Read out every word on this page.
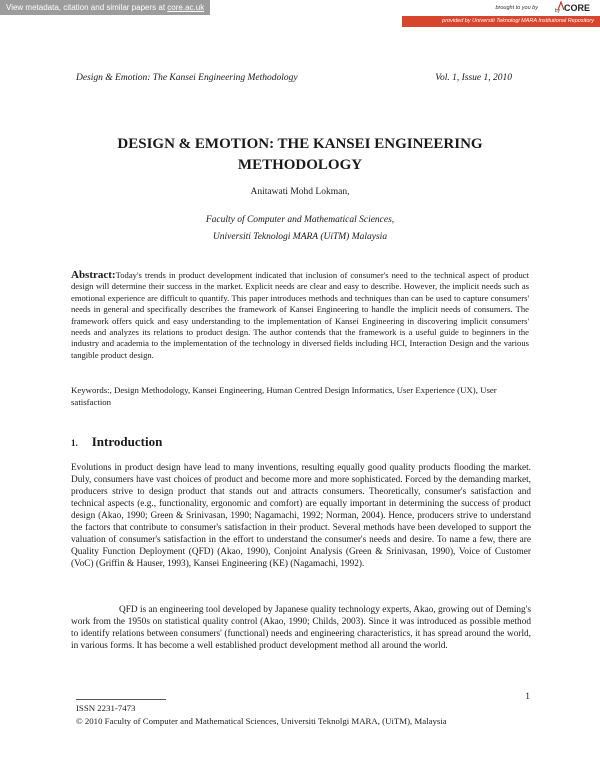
View metadata, citation and similar papers at core.ac.uk	brought to you by	by CORE
provided by Universiti Teknologi MARA Institutional Repository
Design & Emotion: The Kansei Engineering Methodology	Vol. 1, Issue 1, 2010
DESIGN & EMOTION: THE KANSEI ENGINEERING METHODOLOGY
Anitawati Mohd Lokman,
Faculty of Computer and Mathematical Sciences,
Universiti Teknologi MARA (UiTM) Malaysia
Abstract:Today's trends in product development indicated that inclusion of consumer's need to the technical aspect of product design will determine their success in the market. Explicit needs are clear and easy to describe. However, the implicit needs such as emotional experience are difficult to quantify. This paper introduces methods and techniques than can be used to capture consumers' needs in general and specifically describes the framework of Kansei Engineering to handle the implicit needs of consumers. The framework offers quick and easy understanding to the implementation of Kansei Engineering in discovering implicit consumers' needs and analyzes its relations to product design. The author contends that the framework is a useful guide to beginners in the industry and academia to the implementation of the technology in diversed fields including HCI, Interaction Design and the various tangible product design.
Keywords:, Design Methodology, Kansei Engineering, Human Centred Design Informatics, User Experience (UX), User satisfaction
1. Introduction
Evolutions in product design have lead to many inventions, resulting equally good quality products flooding the market. Duly, consumers have vast choices of product and become more and more sophisticated. Forced by the demanding market, producers strive to design product that stands out and attracts consumers. Theoretically, consumer's satisfaction and technical aspects (e.g., functionality, ergonomic and comfort) are equally important in determining the success of product design (Akao, 1990; Green & Srinivasan, 1990; Nagamachi, 1992; Norman, 2004). Hence, producers strive to understand the factors that contribute to consumer's satisfaction in their product. Several methods have been developed to support the valuation of consumer's satisfaction in the effort to understand the consumer's needs and desire. To name a few, there are Quality Function Deployment (QFD) (Akao, 1990), Conjoint Analysis (Green & Srinivasan, 1990), Voice of Customer (VoC) (Griffin & Hauser, 1993), Kansei Engineering (KE) (Nagamachi, 1992).
QFD is an engineering tool developed by Japanese quality technology experts, Akao, growing out of Deming's work from the 1950s on statistical quality control (Akao, 1990; Childs, 2003). Since it was introduced as possible method to identify relations between consumers' (functional) needs and engineering characteristics, it has spread around the world, in various forms. It has become a well established product development method all around the world.
1
ISSN 2231-7473
© 2010 Faculty of Computer and Mathematical Sciences, Universiti Teknolgi MARA, (UiTM), Malaysia
